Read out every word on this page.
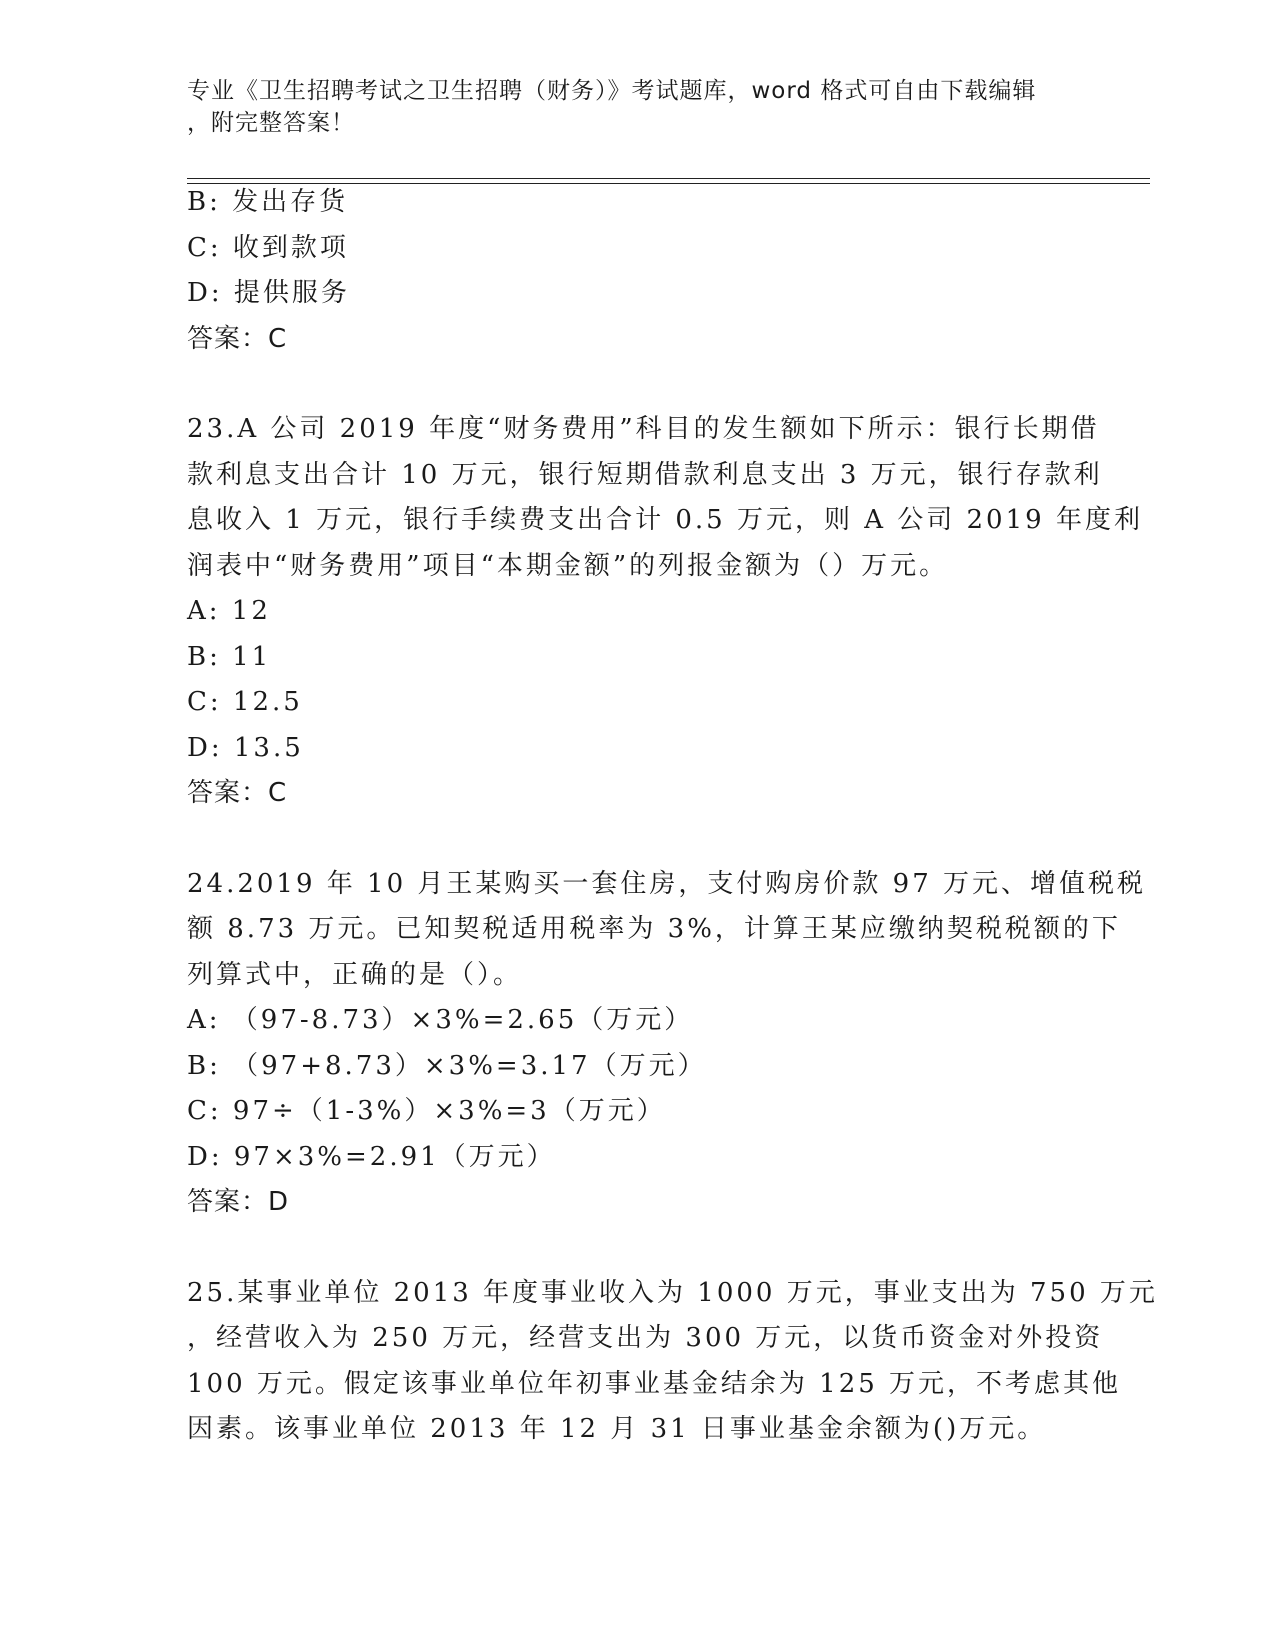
专业《卫生招聘考试之卫生招聘（财务）》考试题库，word 格式可自由下载编辑
，附完整答案！
B: 发出存货
C: 收到款项
D: 提供服务
答案：C
23.A 公司 2019 年度“财务费用”科目的发生额如下所示：银行长期借
款利息支出合计 10 万元，银行短期借款利息支出 3 万元，银行存款利
息收入 1 万元，银行手续费支出合计 0.5 万元，则 A 公司 2019 年度利
润表中“财务费用”项目“本期金额”的列报金额为（）万元。
A: 12
B: 11
C: 12.5
D: 13.5
答案：C
24.2019 年 10 月王某购买一套住房，支付购房价款 97 万元、增值税税
额 8.73 万元。已知契税适用税率为 3%，计算王某应缴纳契税税额的下
列算式中，正确的是（）。
A: （97-8.73）×3%=2.65（万元）
B: （97+8.73）×3%=3.17（万元）
C: 97÷（1-3%）×3%=3（万元）
D: 97×3%=2.91（万元）
答案：D
25.某事业单位 2013 年度事业收入为 1000 万元，事业支出为 750 万元
，经营收入为 250 万元，经营支出为 300 万元，以货币资金对外投资
100 万元。假定该事业单位年初事业基金结余为 125 万元，不考虑其他
因素。该事业单位 2013 年 12 月 31 日事业基金余额为()万元。
